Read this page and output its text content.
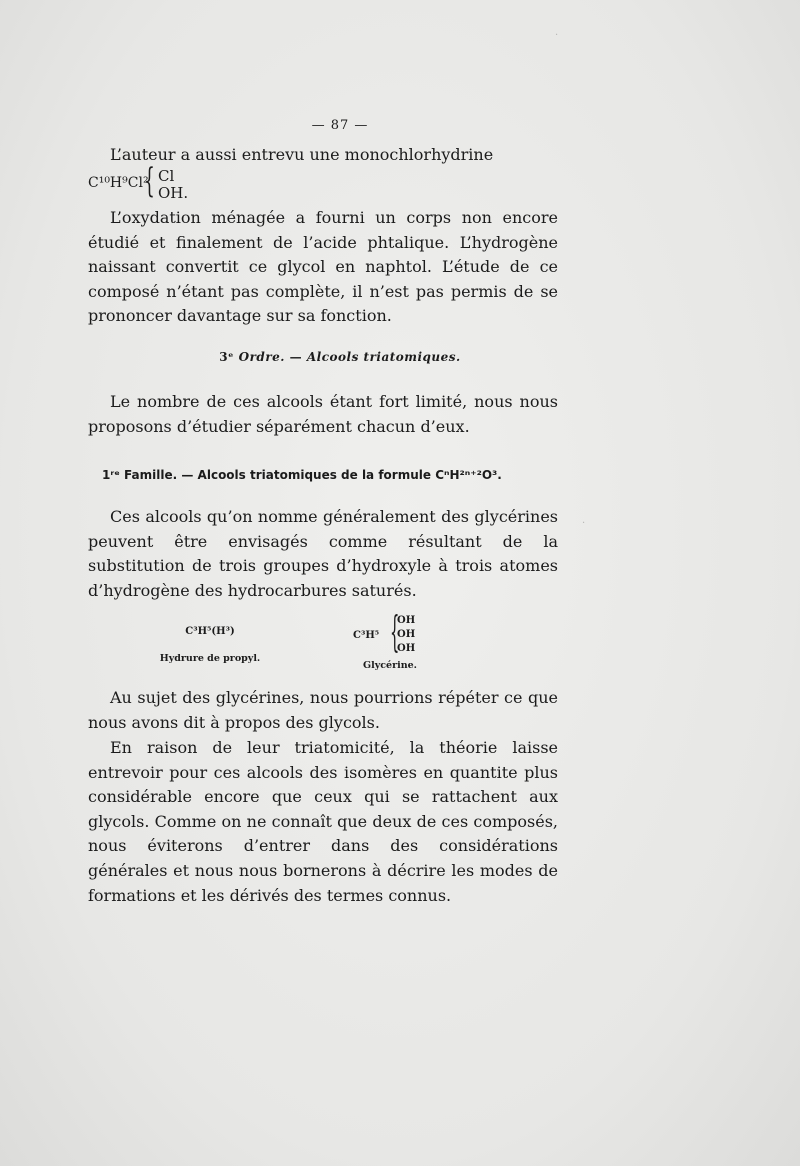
— 87 —

L’auteur a aussi entrevu une monochlorhydrine

C¹⁰H⁹Cl²
{ Cl
OH.

L’oxydation ménagée a fourni un corps non encore étudié et finalement de l’acide phtalique. L’hydrogène naissant convertit ce glycol en naphtol. L’étude de ce composé n’étant pas complète, il n’est pas permis de se prononcer davantage sur sa fonction.

3ᵉ Ordre. — Alcools triatomiques.

Le nombre de ces alcools étant fort limité, nous nous proposons d’étudier séparément chacun d’eux.

1ʳᵉ Famille. — Alcools triatomiques de la formule CⁿH²ⁿ⁺²O³.

Ces alcools qu’on nomme généralement des glycérines peuvent être envisagés comme résultant de la substitution de trois groupes d’hydroxyle à trois atomes d’hydrogène des hydrocarbures saturés.

C³H⁵(H³)
Hydrure de propyl.
C³H⁵ {
OH
OH
OH
Glycérine.

Au sujet des glycérines, nous pourrions répéter ce que nous avons dit à propos des glycols.

En raison de leur triatomicité, la théorie laisse entrevoir pour ces alcools des isomères en quantite plus considérable encore que ceux qui se rattachent aux glycols. Comme on ne connaît que deux de ces composés, nous éviterons d’entrer dans des considérations générales et nous nous bornerons à décrire les modes de formations et les dérivés des termes connus.

·
·
